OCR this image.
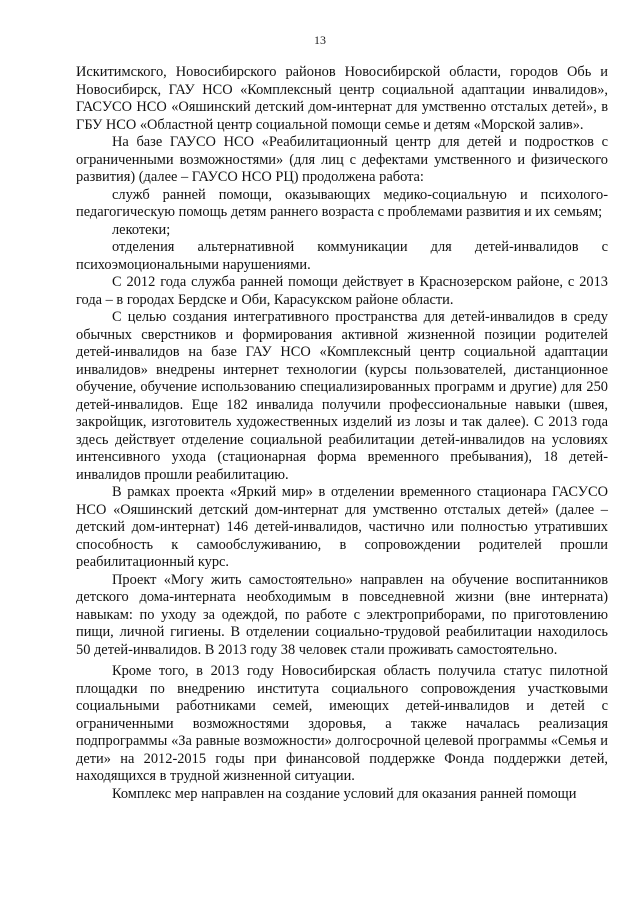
13

Искитимского, Новосибирского районов Новосибирской области, городов Обь и Новосибирск, ГАУ НСО «Комплексный центр социальной адаптации инвалидов», ГАСУСО НСО «Ояшинский детский дом-интернат для умственно отсталых детей», в ГБУ НСО «Областной центр социальной помощи семье и детям «Морской залив».

На базе ГАУСО НСО «Реабилитационный центр для детей и подростков с ограниченными возможностями» (для лиц с дефектами умственного и физического развития) (далее – ГАУСО НСО РЦ) продолжена работа:

служб ранней помощи, оказывающих медико-социальную и психолого-педагогическую помощь детям раннего возраста с проблемами развития и их семьям;

лекотеки;

отделения альтернативной коммуникации для детей-инвалидов с психоэмоциональными нарушениями.

С 2012 года служба ранней помощи действует в Краснозерском районе, с 2013 года – в городах Бердске и Оби, Карасукском районе области.

С целью создания интегративного пространства для детей-инвалидов в среду обычных сверстников и формирования активной жизненной позиции родителей детей-инвалидов на базе ГАУ НСО «Комплексный центр социальной адаптации инвалидов» внедрены интернет технологии (курсы пользователей, дистанционное обучение, обучение использованию специализированных программ и другие) для 250 детей-инвалидов. Еще 182 инвалида получили профессиональные навыки (швея, закройщик, изготовитель художественных изделий из лозы и так далее). С 2013 года здесь действует отделение социальной реабилитации детей-инвалидов на условиях интенсивного ухода (стационарная форма временного пребывания), 18 детей-инвалидов прошли реабилитацию.

В рамках проекта «Яркий мир» в отделении временного стационара ГАСУСО НСО «Ояшинский детский дом-интернат для умственно отсталых детей» (далее – детский дом-интернат) 146 детей-инвалидов, частично или полностью утративших способность к самообслуживанию, в сопровождении родителей прошли реабилитационный курс.

Проект «Могу жить самостоятельно» направлен на обучение воспитанников детского дома-интерната необходимым в повседневной жизни (вне интерната) навыкам: по уходу за одеждой, по работе с электроприборами, по приготовлению пищи, личной гигиены. В отделении социально-трудовой реабилитации находилось 50 детей-инвалидов. В 2013 году 38 человек стали проживать самостоятельно.

Кроме того, в 2013 году Новосибирская область получила статус пилотной площадки по внедрению института социального сопровождения участковыми социальными работниками семей, имеющих детей-инвалидов и детей с ограниченными возможностями здоровья, а также началась реализация подпрограммы «За равные возможности» долгосрочной целевой программы «Семья и дети» на 2012-2015 годы при финансовой поддержке Фонда поддержки детей, находящихся в трудной жизненной ситуации.

Комплекс мер направлен на создание условий для оказания ранней помощи
